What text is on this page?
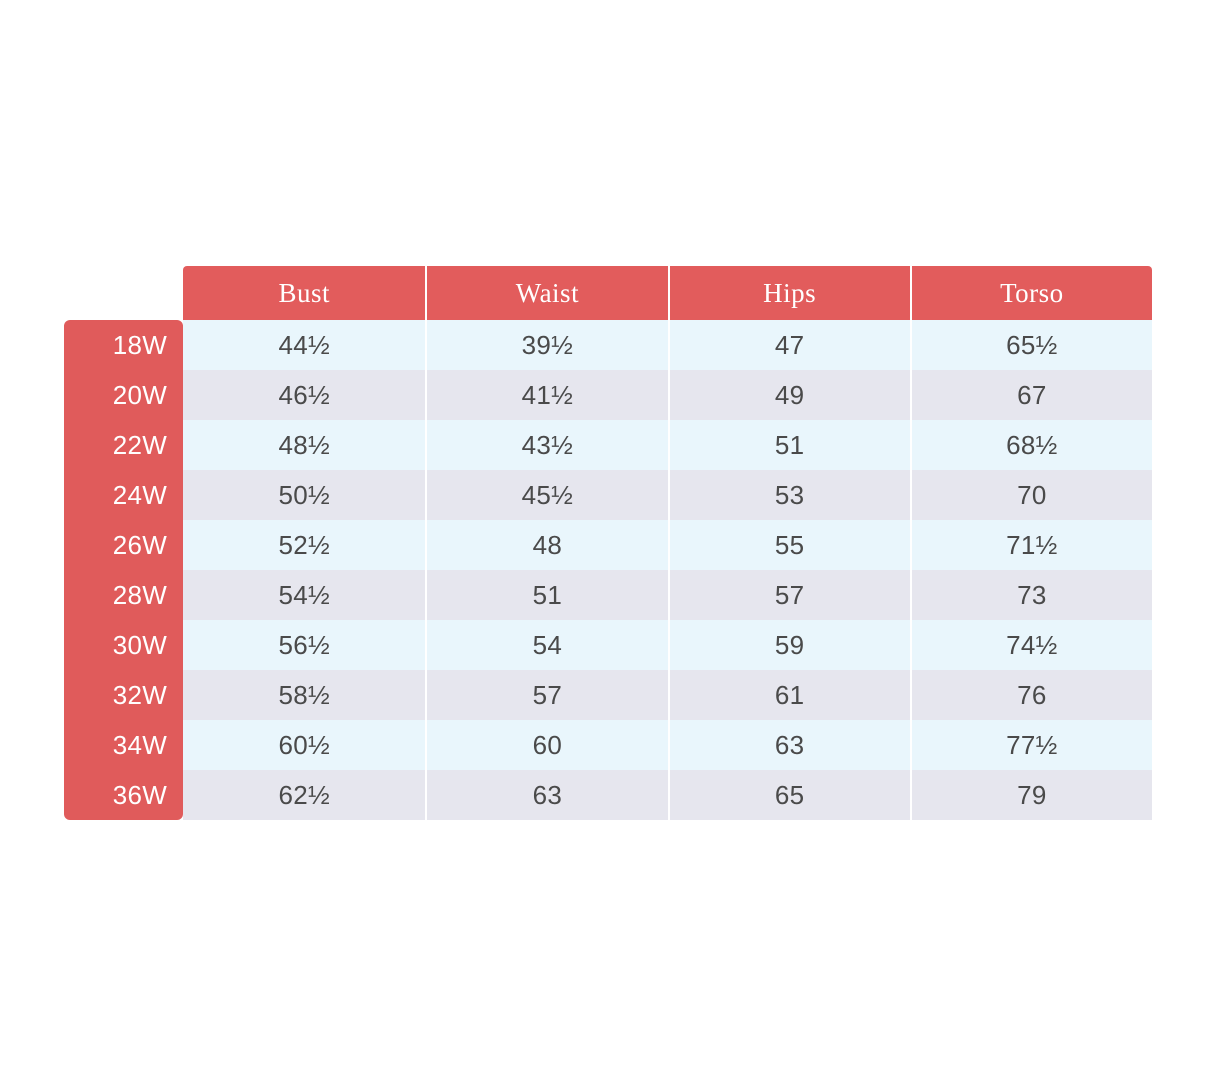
	Bust	Waist	Hips	Torso
18W	44½	39½	47	65½
20W	46½	41½	49	67
22W	48½	43½	51	68½
24W	50½	45½	53	70
26W	52½	48	55	71½
28W	54½	51	57	73
30W	56½	54	59	74½
32W	58½	57	61	76
34W	60½	60	63	77½
36W	62½	63	65	79
